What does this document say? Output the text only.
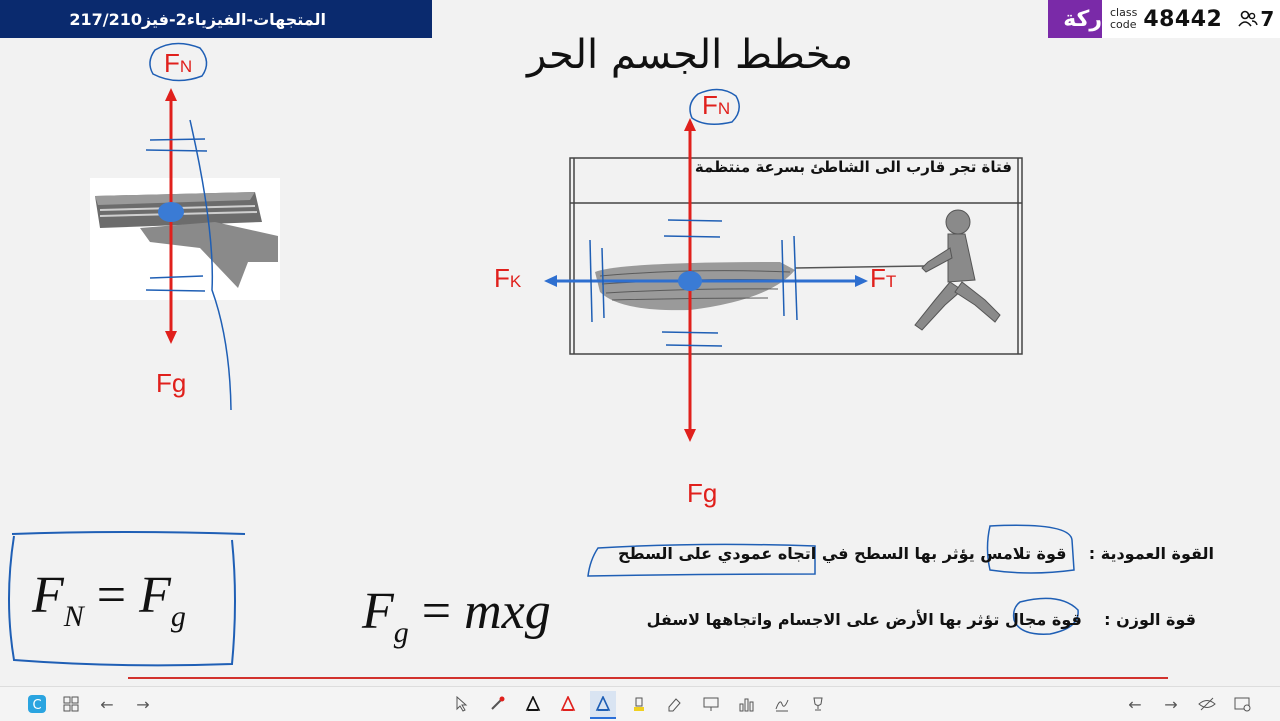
مخطط الجسم الحر
FN
Fg
فتاة تجر قارب الى الشاطئ بسرعة منتظمة
FN
FK	FT
Fg
القوة العمودية :    قوة تلامس يؤثر بها السطح في اتجاه عمودي على السطح
قوة الوزن :    قوة مجال تؤثر بها الأرض على الاجسام واتجاهها لاسفل
$F_N = F_g$	$F_g$ = mxg
المتجهات-الفيزياء2-فيز217/210	ركة class
code 48442 7
C	←	→	←	→
